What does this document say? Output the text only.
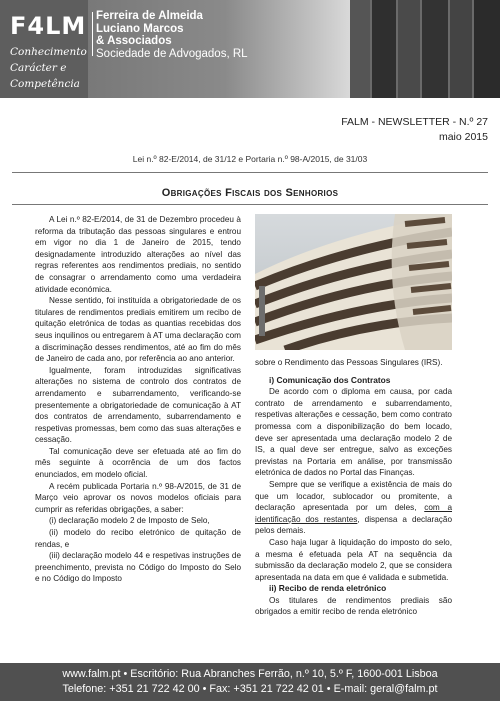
F4LM
Conhecimento
Carácter e
Competência
Ferreira de Almeida
Luciano Marcos
& Associados
Sociedade de Advogados, RL
FALM - NEWSLETTER - N.º 27
maio 2015
Lei n.º 82-E/2014, de 31/12 e Portaria n.º 98-A/2015, de 31/03
Obrigações Fiscais dos Senhorios

A Lei n.º 82-E/2014, de 31 de Dezembro procedeu à reforma da tributação das pessoas singulares e entrou em vigor no dia 1 de Janeiro de 2015, tendo designadamente introduzido alterações ao nível das regras referentes aos rendimentos prediais, no sentido de consagrar o arrendamento como uma verdadeira atividade económica.

Nesse sentido, foi instituída a obrigatoriedade de os titulares de rendimentos prediais emitirem um recibo de quitação eletrónica de todas as quantias recebidas dos seus inquilinos ou entregarem à AT uma declaração com a discriminação desses rendimentos, até ao fim do mês de Janeiro de cada ano, por referência ao ano anterior.

Igualmente, foram introduzidas significativas alterações no sistema de controlo dos contratos de arrendamento e subarrendamento, verificando-se presentemente a obrigatoriedade de comunicação à AT dos contratos de arrendamento, subarrendamento e respetivas promessas, bem como das suas alterações e cessação.

Tal comunicação deve ser efetuada até ao fim do mês seguinte à ocorrência de um dos factos enunciados, em modelo oficial.

A recém publicada Portaria n.º 98-A/2015, de 31 de Março veio aprovar os novos modelos oficiais para cumprir as referidas obrigações, a saber:

(i) declaração modelo 2 de Imposto de Selo,

(ii) modelo do recibo eletrónico de quitação de rendas, e

(iii) declaração modelo 44 e respetivas instruções de preenchimento, prevista no Código do Imposto do Selo e no Código do Imposto

sobre o Rendimento das Pessoas Singulares (IRS).

i) Comunicação dos Contratos

De acordo com o diploma em causa, por cada contrato de arrendamento e subarrendamento, respetivas alterações e cessação, bem como contrato promessa com a disponibilização do bem locado, deve ser apresentada uma declaração modelo 2 de IS, a qual deve ser entregue, salvo as exceções previstas na Portaria em análise, por transmissão eletrónica de dados no Portal das Finanças.

Sempre que se verifique a existência de mais do que um locador, sublocador ou promitente, a declaração apresentada por um deles, com a identificação dos restantes, dispensa a declaração pelos demais.

Caso haja lugar à liquidação do imposto do selo, a mesma é efetuada pela AT na sequência da submissão da declaração modelo 2, que se considera apresentada na data em que é validada e submetida.

ii) Recibo de renda eletrónico

Os titulares de rendimentos prediais são obrigados a emitir recibo de renda eletrónico

www.falm.pt • Escritório: Rua Abranches Ferrão, n.º 10, 5.º F, 1600-001 Lisboa
Telefone: +351 21 722 42 00 • Fax: +351 21 722 42 01 • E-mail: geral@falm.pt
